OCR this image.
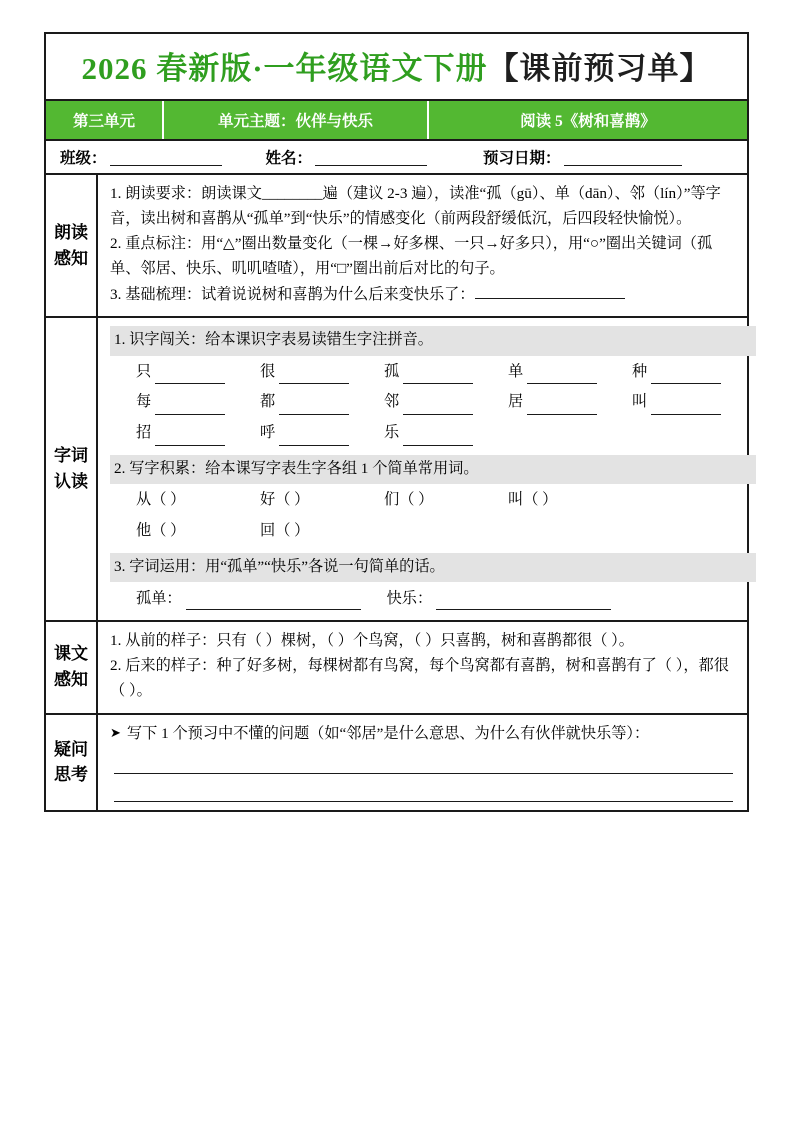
2026 春新版·一年级语文下册【课前预习单】
第三单元	单元主题：伙伴与快乐	阅读 5《树和喜鹊》
班级：	姓名：	预习日期：
朗读感知

1. 朗读要求：朗读课文________遍（建议 2-3 遍），读准“孤（gū）、单（dān）、邻（lín）”等字音，读出树和喜鹊从“孤单”到“快乐”的情感变化（前两段舒缓低沉，后四段轻快愉悦）。

2. 重点标注：用“△”圈出数量变化（一棵→好多棵、一只→好多只），用“○”圈出关键词（孤单、邻居、快乐、叽叽喳喳），用“□”圈出前后对比的句子。

3. 基础梳理：试着说说树和喜鹊为什么后来变快乐了：

字词认读
1. 识字闯关：给本课识字表易读错生字注拼音。
只	很	孤	单	种
每	都	邻	居	叫
招	呼	乐
2. 写字积累：给本课写字表生字各组 1 个简单常用词。
从（ ）	好（ ）	们（ ）	叫（ ）
他（ ）	回（ ）
3. 字词运用：用“孤单”“快乐”各说一句简单的话。
孤单：	快乐：
课文感知

1. 从前的样子：只有（ ）棵树，（ ）个鸟窝，（ ）只喜鹊，树和喜鹊都很（ ）。

2. 后来的样子：种了好多树，每棵树都有鸟窝，每个鸟窝都有喜鹊，树和喜鹊有了（ ），都很（ ）。

疑问思考
➤ 写下 1 个预习中不懂的问题（如“邻居”是什么意思、为什么有伙伴就快乐等）：
